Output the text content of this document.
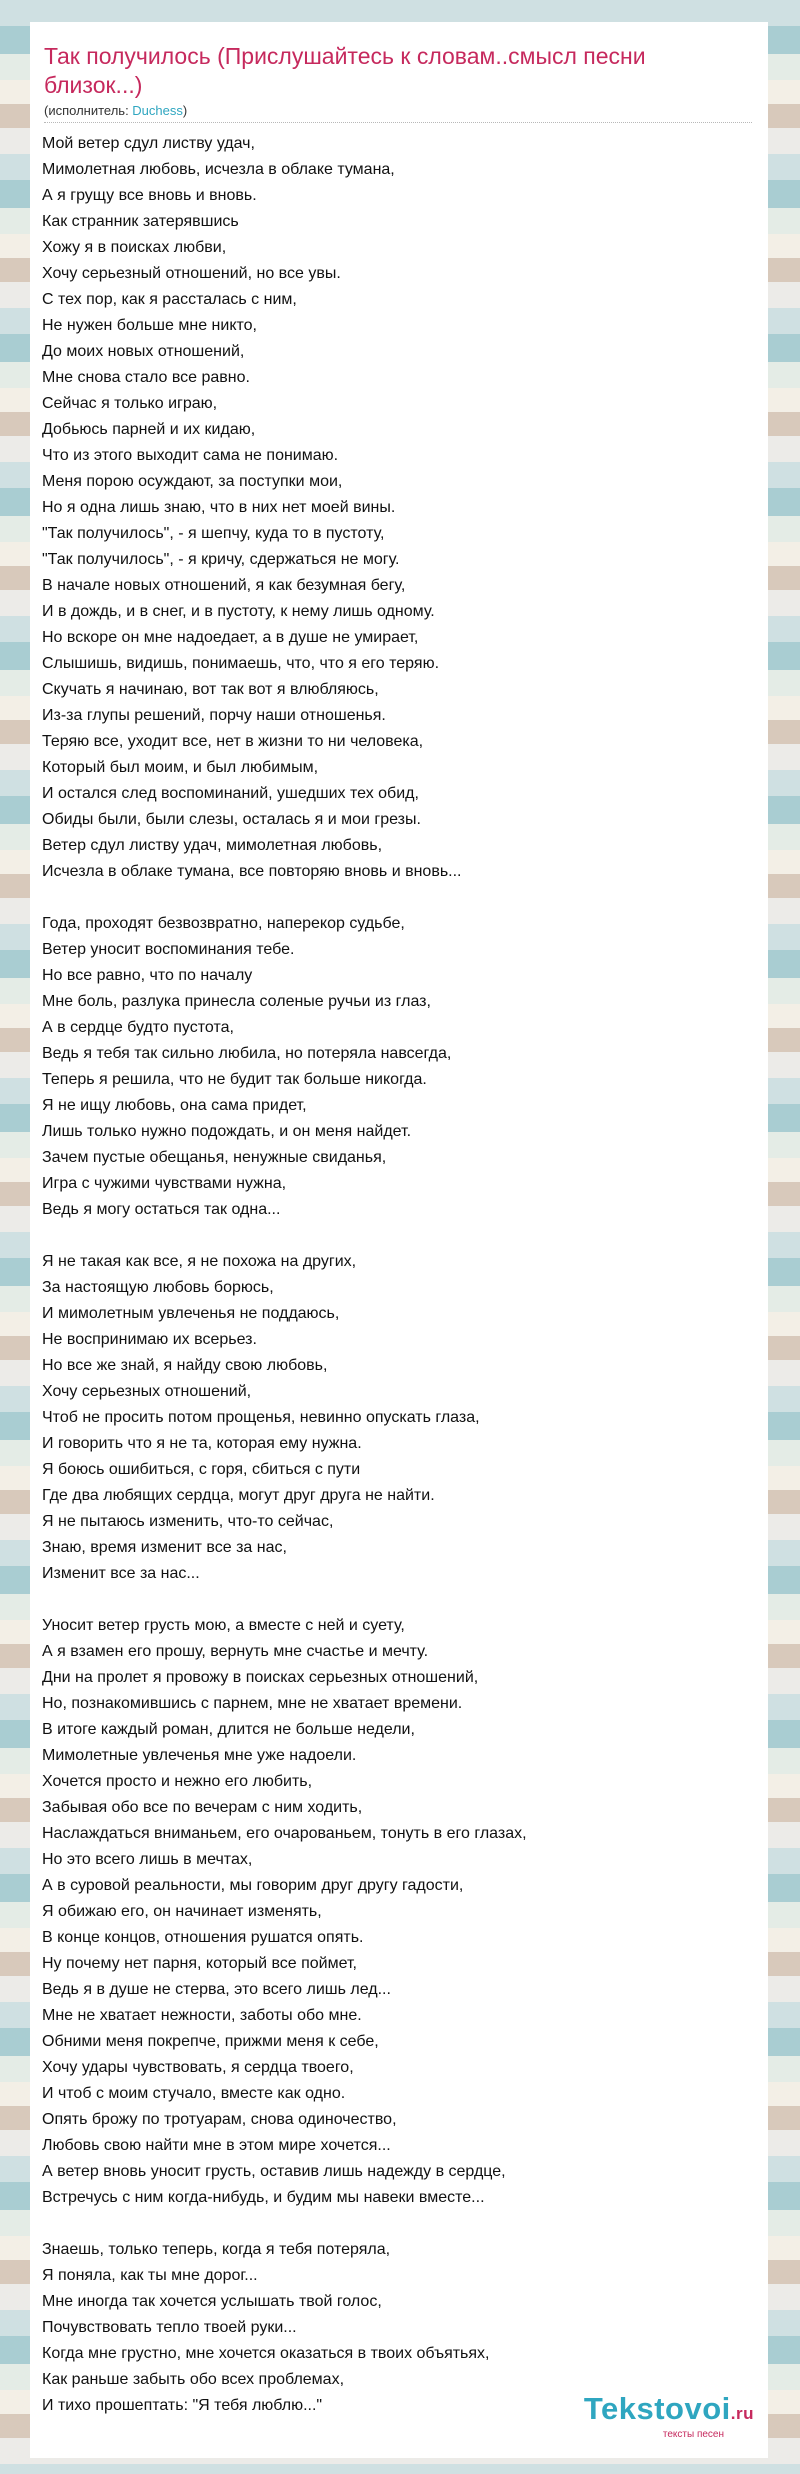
Так получилось (Прислушайтесь к словам..смысл песни близок...)
(исполнитель: Duchess)
Мой ветер сдул листву удач,
Мимолетная любовь, исчезла в облаке тумана,
А я грущу все вновь и вновь.
Как странник затерявшись
Хожу я в поисках любви,
Хочу серьезный отношений, но все увы.
С тех пор, как я рассталась с ним,
Не нужен больше мне никто,
До моих новых отношений,
Мне снова стало все равно.
Сейчас я только играю,
Добьюсь парней и их кидаю,
Что из этого выходит сама не понимаю.
Меня порою осуждают, за поступки мои,
Но я одна лишь знаю, что в них нет моей вины.
"Так получилось", - я шепчу, куда то в пустоту,
"Так получилось", - я кричу, сдержаться не могу.
В начале новых отношений, я как безумная бегу,
И в дождь, и в снег, и в пустоту, к нему лишь одному.
Но вскоре он мне надоедает, а в душе не умирает,
Слышишь, видишь, понимаешь, что, что я его теряю.
Скучать я начинаю, вот так вот я влюбляюсь,
Из-за глупы решений, порчу наши отношенья.
Теряю все, уходит все, нет в жизни то ни человека,
Который был моим, и был любимым,
И остался след воспоминаний, ушедших тех обид,
Обиды были, были слезы, осталась я и мои грезы.
Ветер сдул листву удач, мимолетная любовь,
Исчезла в облаке тумана, все повторяю вновь и вновь...
Года, проходят безвозвратно, наперекор судьбе,
Ветер уносит воспоминания тебе.
Но все равно, что по началу
Мне боль, разлука принесла соленые ручьи из глаз,
А в сердце будто пустота,
Ведь я тебя так сильно любила, но потеряла навсегда,
Теперь я решила, что не будит так больше никогда.
Я не ищу любовь, она сама придет,
Лишь только нужно подождать, и он меня найдет.
Зачем пустые обещанья, ненужные свиданья,
Игра с чужими чувствами нужна,
Ведь я могу остаться так одна...
Я не такая как все, я не похожа на других,
За настоящую любовь борюсь,
И мимолетным увлеченья не поддаюсь,
Не воспринимаю их всерьез.
Но все же знай, я найду свою любовь,
Хочу серьезных отношений,
Чтоб не просить потом прощенья, невинно опускать глаза,
И говорить что я не та, которая ему нужна.
Я боюсь ошибиться, с горя, сбиться с пути
Где два любящих сердца, могут друг друга не найти.
Я не пытаюсь изменить, что-то сейчас,
Знаю, время изменит все за нас,
Изменит все за нас...
Уносит ветер грусть мою, а вместе с ней и суету,
А я взамен его прошу, вернуть мне счастье и мечту.
Дни на пролет я провожу в поисках серьезных отношений,
Но, познакомившись с парнем, мне не хватает времени.
В итоге каждый роман, длится не больше недели,
Мимолетные увлеченья мне уже надоели.
Хочется просто и нежно его любить,
Забывая обо все по вечерам с ним ходить,
Наслаждаться вниманьем, его очарованьем, тонуть в его глазах,
Но это всего лишь в мечтах,
А в суровой реальности, мы говорим друг другу гадости,
Я обижаю его, он начинает изменять,
В конце концов, отношения рушатся опять.
Ну почему нет парня, который все поймет,
Ведь я в душе не стерва, это всего лишь лед...
Мне не хватает нежности, заботы обо мне.
Обними меня покрепче, прижми меня к себе,
Хочу удары чувствовать, я сердца твоего,
И чтоб с моим стучало, вместе как одно.
Опять брожу по тротуарам, снова одиночество,
Любовь свою найти мне в этом мире хочется...
А ветер вновь уносит грусть, оставив лишь надежду в сердце,
Встречусь с ним когда-нибудь, и будим мы навеки вместе...
Знаешь, только теперь, когда я тебя потеряла,
Я поняла, как ты мне дорог...
Мне иногда так хочется услышать твой голос,
Почувствовать тепло твоей руки...
Когда мне грустно, мне хочется оказаться в твоих объятьях,
Как раньше забыть обо всех проблемах,
И тихо прошептать: "Я тебя люблю..."	Tekstovoi.ru
тексты песен
